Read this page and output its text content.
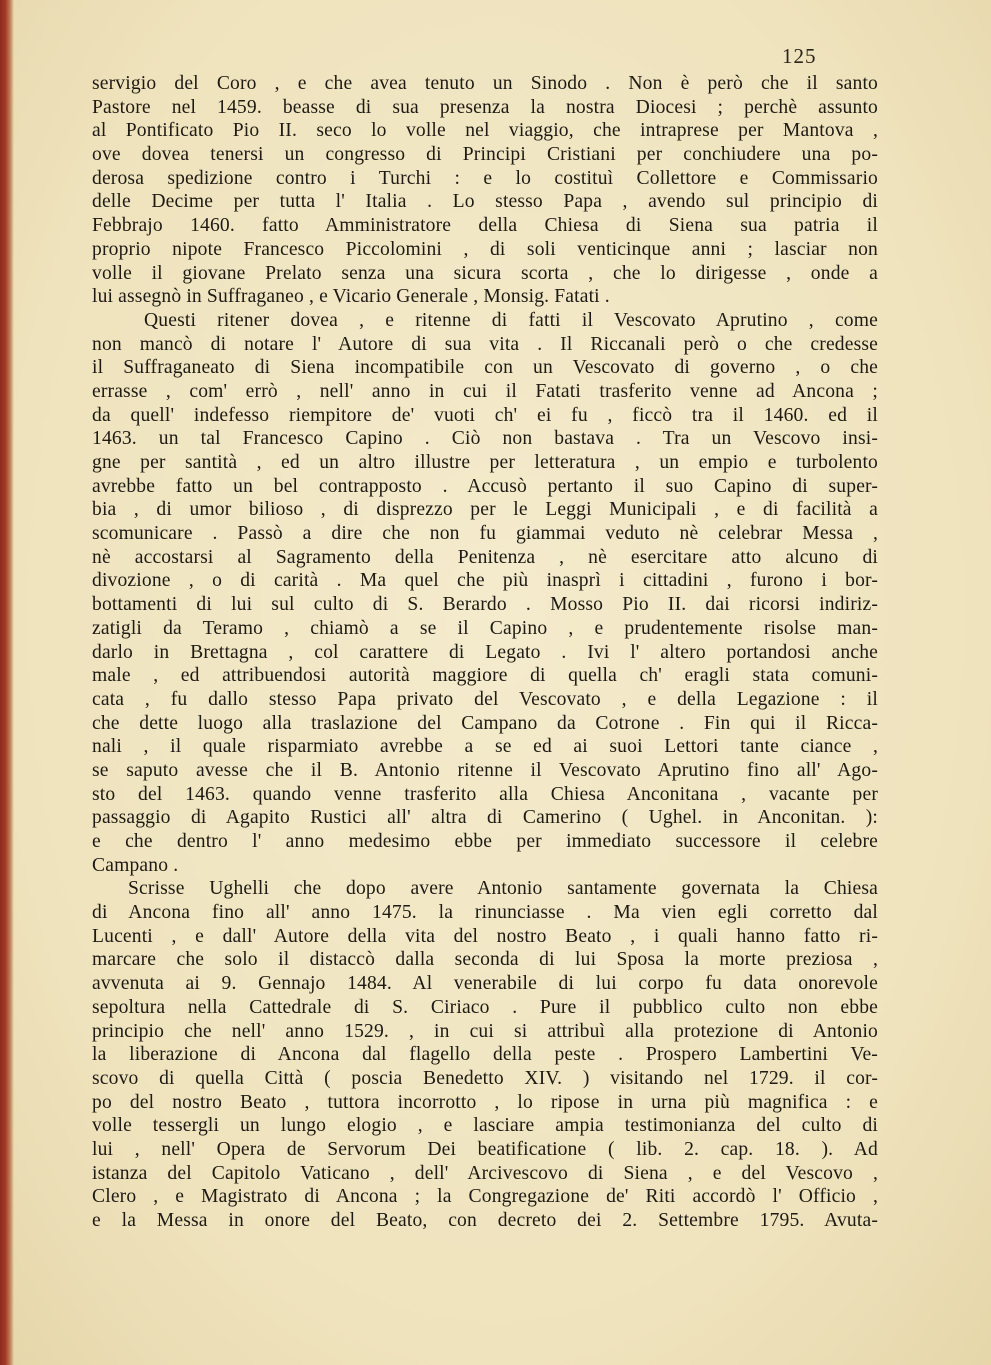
125
servigio del Coro , e che avea tenuto un Sinodo . Non è però che il santo
Pastore nel 1459. beasse di sua presenza la nostra Diocesi ; perchè assunto
al Pontificato Pio II. seco lo volle nel viaggio, che intraprese per Mantova ,
ove dovea tenersi un congresso di Principi Cristiani per conchiudere una po-
derosa spedizione contro i Turchi : e lo costituì Collettore e Commissario
delle Decime per tutta l' Italia . Lo stesso Papa , avendo sul principio di
Febbrajo 1460. fatto Amministratore della Chiesa di Siena sua patria il
proprio nipote Francesco Piccolomini , di soli venticinque anni ; lasciar non
volle il giovane Prelato senza una sicura scorta , che lo dirigesse , onde a
lui assegnò in Suffraganeo , e Vicario Generale , Monsig. Fatati .
Questi ritener dovea , e ritenne di fatti il Vescovato Aprutino , come
non mancò di notare l' Autore di sua vita . Il Riccanali però o che credesse
il Suffraganeato di Siena incompatibile con un Vescovato di governo , o che
errasse , com' errò , nell' anno in cui il Fatati trasferito venne ad Ancona ;
da quell' indefesso riempitore de' vuoti ch' ei fu , ficcò tra il 1460. ed il
1463. un tal Francesco Capino . Ciò non bastava . Tra un Vescovo insi-
gne per santità , ed un altro illustre per letteratura , un empio e turbolento
avrebbe fatto un bel contrapposto . Accusò pertanto il suo Capino di super-
bia , di umor bilioso , di disprezzo per le Leggi Municipali , e di facilità a
scomunicare . Passò a dire che non fu giammai veduto nè celebrar Messa ,
nè accostarsi al Sagramento della Penitenza , nè esercitare atto alcuno di
divozione , o di carità . Ma quel che più inasprì i cittadini , furono i bor-
bottamenti di lui sul culto di S. Berardo . Mosso Pio II. dai ricorsi indiriz-
zatigli da Teramo , chiamò a se il Capino , e prudentemente risolse man-
darlo in Brettagna , col carattere di Legato . Ivi l' altero portandosi anche
male , ed attribuendosi autorità maggiore di quella ch' eragli stata comuni-
cata , fu dallo stesso Papa privato del Vescovato , e della Legazione : il
che dette luogo alla traslazione del Campano da Cotrone . Fin qui il Ricca-
nali , il quale risparmiato avrebbe a se ed ai suoi Lettori tante ciance ,
se saputo avesse che il B. Antonio ritenne il Vescovato Aprutino fino all' Ago-
sto del 1463. quando venne trasferito alla Chiesa Anconitana , vacante per
passaggio di Agapito Rustici all' altra di Camerino ( Ughel. in Anconitan. ):
e che dentro l' anno medesimo ebbe per immediato successore il celebre
Campano .
Scrisse Ughelli che dopo avere Antonio santamente governata la Chiesa
di Ancona fino all' anno 1475. la rinunciasse . Ma vien egli corretto dal
Lucenti , e dall' Autore della vita del nostro Beato , i quali hanno fatto ri-
marcare che solo il distaccò dalla seconda di lui Sposa la morte preziosa ,
avvenuta ai 9. Gennajo 1484. Al venerabile di lui corpo fu data onorevole
sepoltura nella Cattedrale di S. Ciriaco . Pure il pubblico culto non ebbe
principio che nell' anno 1529. , in cui si attribuì alla protezione di Antonio
la liberazione di Ancona dal flagello della peste . Prospero Lambertini Ve-
scovo di quella Città ( poscia Benedetto XIV. ) visitando nel 1729. il cor-
po del nostro Beato , tuttora incorrotto , lo ripose in urna più magnifica : e
volle tessergli un lungo elogio , e lasciare ampia testimonianza del culto di
lui , nell' Opera de Servorum Dei beatificatione ( lib. 2. cap. 18. ). Ad
istanza del Capitolo Vaticano , dell' Arcivescovo di Siena , e del Vescovo ,
Clero , e Magistrato di Ancona ; la Congregazione de' Riti accordò l' Officio ,
e la Messa in onore del Beato, con decreto dei 2. Settembre 1795. Avuta-
